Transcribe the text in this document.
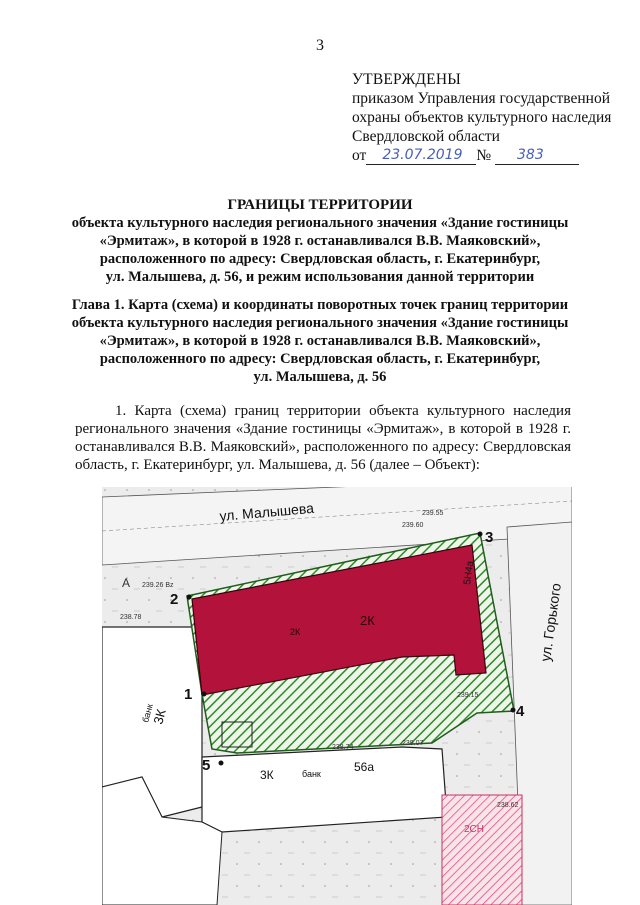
3
УТВЕРЖДЕНЫ
приказом Управления государственной
охраны объектов культурного наследия
Свердловской области
от 23.07.2019 № 383
ГРАНИЦЫ ТЕРРИТОРИИ
объекта культурного наследия регионального значения «Здание гостиницы
«Эрмитаж», в которой в 1928 г. останавливался В.В. Маяковский»,
расположенного по адресу: Свердловская область, г. Екатеринбург,
ул. Малышева, д. 56, и режим использования данной территории
Глава 1. Карта (схема) и координаты поворотных точек границ территории
объекта культурного наследия регионального значения «Здание гостиницы
«Эрмитаж», в которой в 1928 г. останавливался В.В. Маяковский»,
расположенного по адресу: Свердловская область, г. Екатеринбург,
ул. Малышева, д. 56
1. Карта (схема) границ территории объекта культурного наследия регионального значения «Здание гостиницы «Эрмитаж», в которой в 1928 г. останавливался В.В. Маяковский», расположенного по адресу: Свердловская область, г. Екатеринбург, ул. Малышева, д. 56 (далее – Объект):
1
2
3
4
5
ул. Малышева
ул. Горького
2К
2К
5Н4а
3К
банк
3К	банк	56а
2СН
А
239.60
239.55
238.78
239.26 Bz
239.15
238.74
239.07
238.62
